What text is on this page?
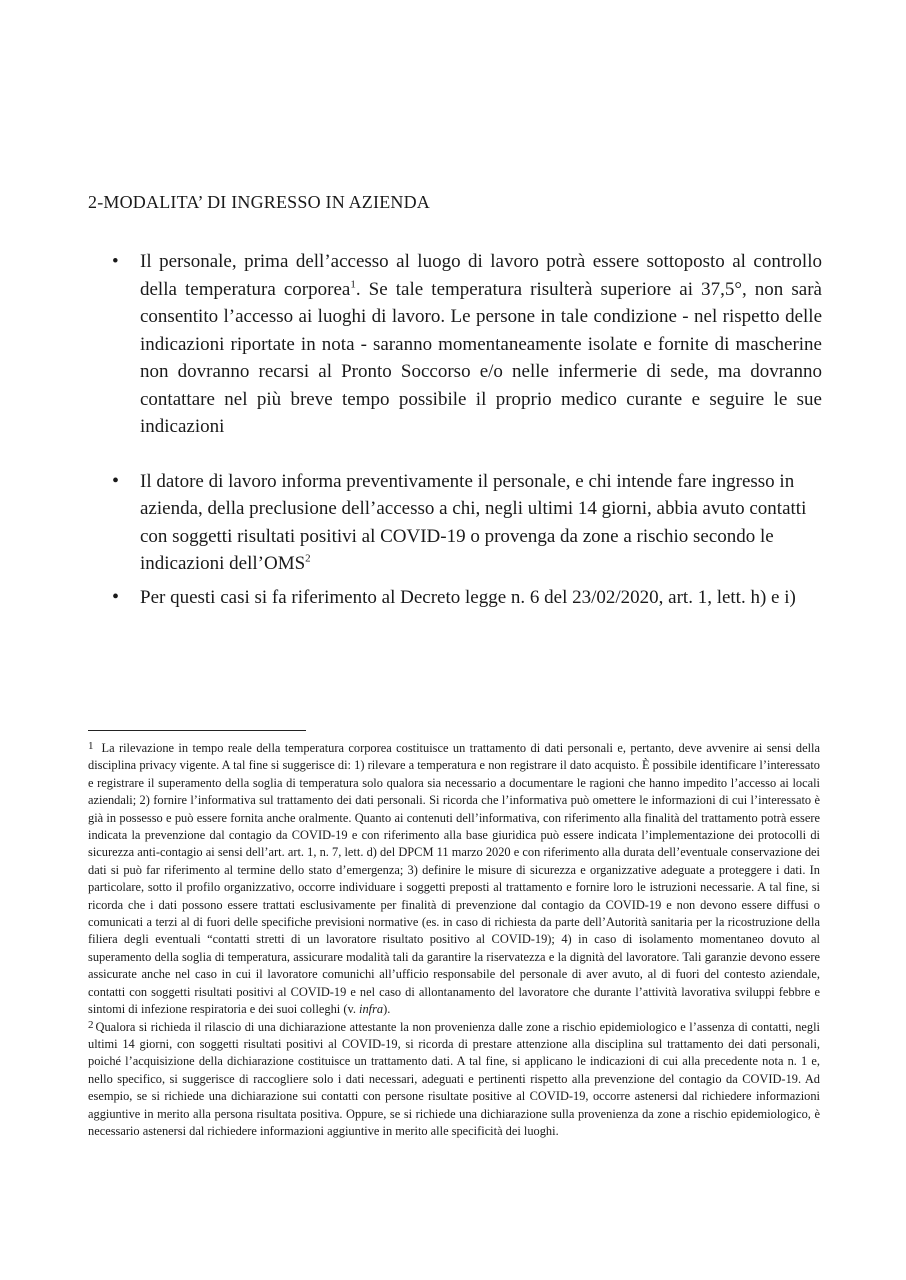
2-MODALITA’ DI INGRESSO IN AZIENDA
• Il personale, prima dell’accesso al luogo di lavoro potrà essere sottoposto al controllo della temperatura corporea$^1$. Se tale temperatura risulterà superiore ai 37,5°, non sarà consentito l’accesso ai luoghi di lavoro. Le persone in tale condizione - nel rispetto delle indicazioni riportate in nota - saranno momentaneamente isolate e fornite di mascherine non dovranno recarsi al Pronto Soccorso e/o nelle infermerie di sede, ma dovranno contattare nel più breve tempo possibile il proprio medico curante e seguire le sue indicazioni
• Il datore di lavoro informa preventivamente il personale, e chi intende fare ingresso in azienda, della preclusione dell’accesso a chi, negli ultimi 14 giorni, abbia avuto contatti con soggetti risultati positivi al COVID-19 o provenga da zone a rischio secondo le indicazioni dell’OMS$^2$
• Per questi casi si fa riferimento al Decreto legge n. 6 del 23/02/2020, art. 1, lett. h) e i)

1 La rilevazione in tempo reale della temperatura corporea costituisce un trattamento di dati personali e, pertanto, deve avvenire ai sensi della disciplina privacy vigente. A tal fine si suggerisce di: 1) rilevare a temperatura e non registrare il dato acquisto. È possibile identificare l’interessato e registrare il superamento della soglia di temperatura solo qualora sia necessario a documentare le ragioni che hanno impedito l’accesso ai locali aziendali; 2) fornire l’informativa sul trattamento dei dati personali. Si ricorda che l’informativa può omettere le informazioni di cui l’interessato è già in possesso e può essere fornita anche oralmente. Quanto ai contenuti dell’informativa, con riferimento alla finalità del trattamento potrà essere indicata la prevenzione dal contagio da COVID-19 e con riferimento alla base giuridica può essere indicata l’implementazione dei protocolli di sicurezza anti-contagio ai sensi dell’art. art. 1, n. 7, lett. d) del DPCM 11 marzo 2020 e con riferimento alla durata dell’eventuale conservazione dei dati si può far riferimento al termine dello stato d’emergenza; 3) definire le misure di sicurezza e organizzative adeguate a proteggere i dati. In particolare, sotto il profilo organizzativo, occorre individuare i soggetti preposti al trattamento e fornire loro le istruzioni necessarie. A tal fine, si ricorda che i dati possono essere trattati esclusivamente per finalità di prevenzione dal contagio da COVID-19 e non devono essere diffusi o comunicati a terzi al di fuori delle specifiche previsioni normative (es. in caso di richiesta da parte dell’Autorità sanitaria per la ricostruzione della filiera degli eventuali “contatti stretti di un lavoratore risultato positivo al COVID-19); 4) in caso di isolamento momentaneo dovuto al superamento della soglia di temperatura, assicurare modalità tali da garantire la riservatezza e la dignità del lavoratore. Tali garanzie devono essere assicurate anche nel caso in cui il lavoratore comunichi all’ufficio responsabile del personale di aver avuto, al di fuori del contesto aziendale, contatti con soggetti risultati positivi al COVID-19 e nel caso di allontanamento del lavoratore che durante l’attività lavorativa sviluppi febbre e sintomi di infezione respiratoria e dei suoi colleghi (v. infra).

2 Qualora si richieda il rilascio di una dichiarazione attestante la non provenienza dalle zone a rischio epidemiologico e l’assenza di contatti, negli ultimi 14 giorni, con soggetti risultati positivi al COVID-19, si ricorda di prestare attenzione alla disciplina sul trattamento dei dati personali, poiché l’acquisizione della dichiarazione costituisce un trattamento dati. A tal fine, si applicano le indicazioni di cui alla precedente nota n. 1 e, nello specifico, si suggerisce di raccogliere solo i dati necessari, adeguati e pertinenti rispetto alla prevenzione del contagio da COVID-19. Ad esempio, se si richiede una dichiarazione sui contatti con persone risultate positive al COVID-19, occorre astenersi dal richiedere informazioni aggiuntive in merito alla persona risultata positiva. Oppure, se si richiede una dichiarazione sulla provenienza da zone a rischio epidemiologico, è necessario astenersi dal richiedere informazioni aggiuntive in merito alle specificità dei luoghi.
